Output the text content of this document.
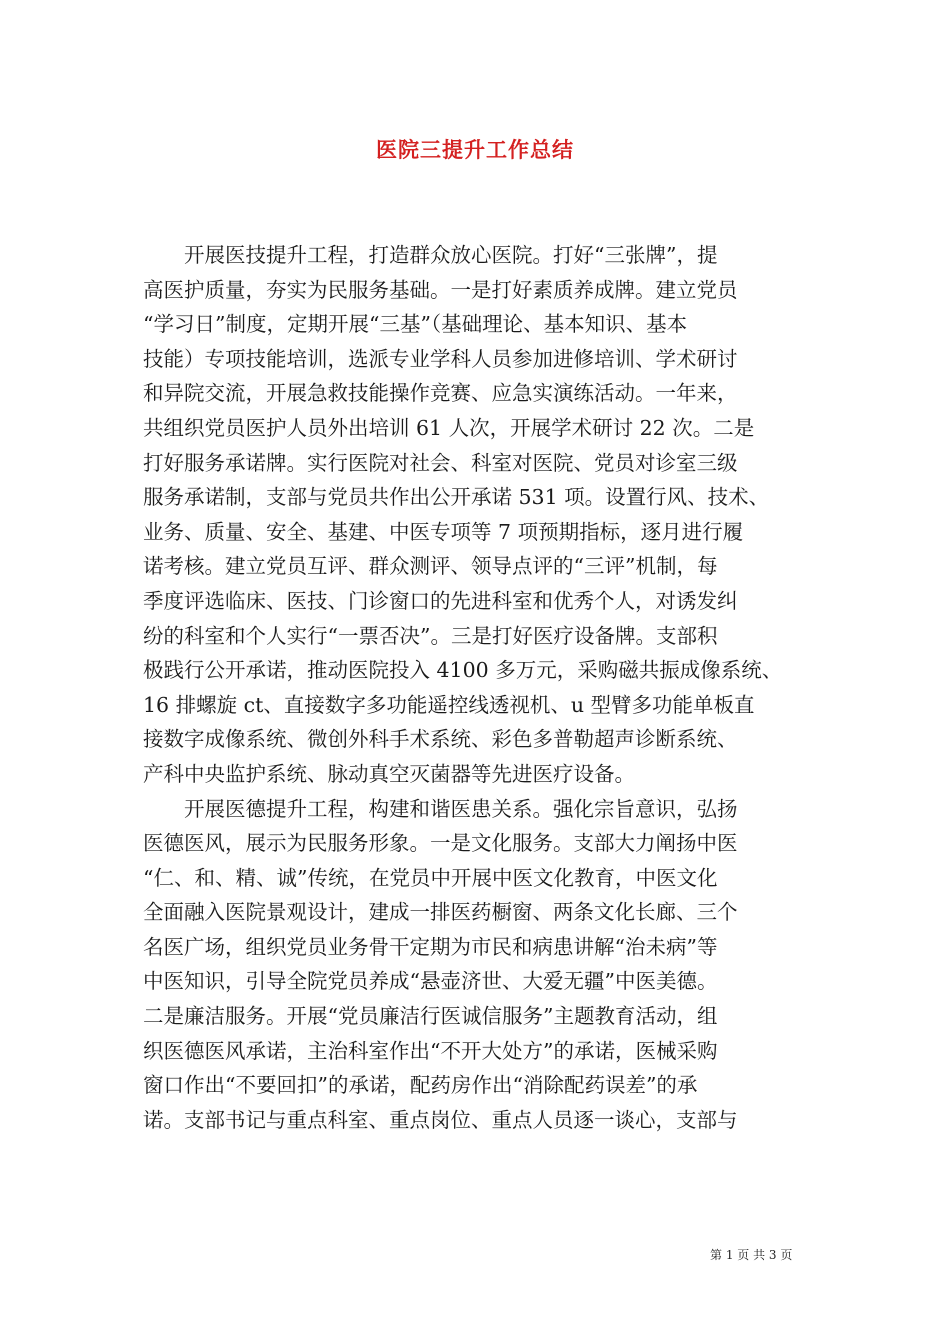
医院三提升工作总结
　　开展医技提升工程，打造群众放心医院。打好“三张牌”，提
高医护质量，夯实为民服务基础。一是打好素质养成牌。建立党员
“学习日”制度，定期开展“三基”（基础理论、基本知识、基本
技能）专项技能培训，选派专业学科人员参加进修培训、学术研讨
和异院交流，开展急救技能操作竞赛、应急实演练活动。一年来，
共组织党员医护人员外出培训 61 人次，开展学术研讨 22 次。二是
打好服务承诺牌。实行医院对社会、科室对医院、党员对诊室三级
服务承诺制，支部与党员共作出公开承诺 531 项。设置行风、技术、
业务、质量、安全、基建、中医专项等 7 项预期指标，逐月进行履
诺考核。建立党员互评、群众测评、领导点评的“三评”机制，每
季度评选临床、医技、门诊窗口的先进科室和优秀个人，对诱发纠
纷的科室和个人实行“一票否决”。三是打好医疗设备牌。支部积
极践行公开承诺，推动医院投入 4100 多万元，采购磁共振成像系统、
16 排螺旋 ct、直接数字多功能遥控线透视机、u 型臂多功能单板直
接数字成像系统、微创外科手术系统、彩色多普勒超声诊断系统、
产科中央监护系统、脉动真空灭菌器等先进医疗设备。
　　开展医德提升工程，构建和谐医患关系。强化宗旨意识，弘扬
医德医风，展示为民服务形象。一是文化服务。支部大力阐扬中医
“仁、和、精、诚”传统，在党员中开展中医文化教育，中医文化
全面融入医院景观设计，建成一排医药橱窗、两条文化长廊、三个
名医广场，组织党员业务骨干定期为市民和病患讲解“治未病”等
中医知识，引导全院党员养成“悬壶济世、大爱无疆”中医美德。
二是廉洁服务。开展“党员廉洁行医诚信服务”主题教育活动，组
织医德医风承诺，主治科室作出“不开大处方”的承诺，医械采购
窗口作出“不要回扣”的承诺，配药房作出“消除配药误差”的承
诺。支部书记与重点科室、重点岗位、重点人员逐一谈心，支部与
第 1 页 共 3 页
